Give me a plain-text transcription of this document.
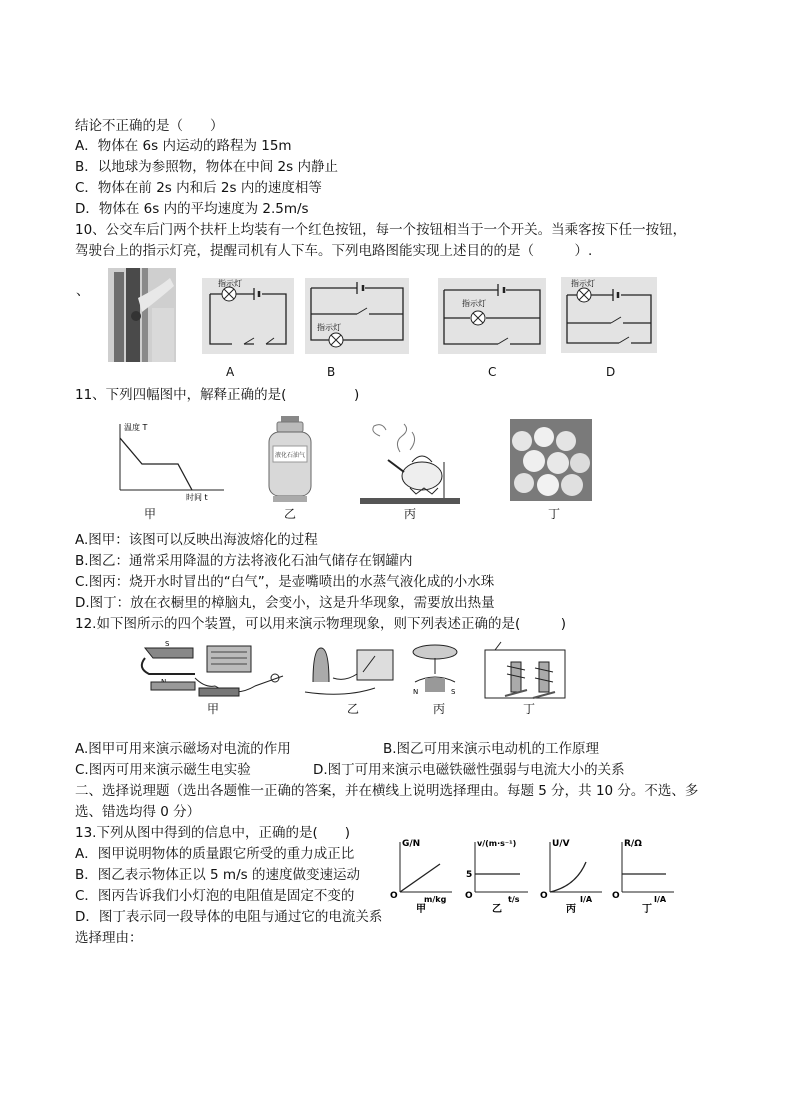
结论不正确的是（　　）
A．物体在 6s 内运动的路程为 15m
B．以地球为参照物，物体在中间 2s 内静止
C．物体在前 2s 内和后 2s 内的速度相等
D．物体在 6s 内的平均速度为 2.5m/s
10、公交车后门两个扶杆上均装有一个红色按钮，每一个按钮相当于一个开关。当乘客按下任一按钮，
驾驶台上的指示灯亮，提醒司机有人下车。下列电路图能实现上述目的的是（　　　）.
、	指示灯
指示灯
指示灯
指示灯
A	B	C	D
11、下列四幅图中，解释正确的是(　　　　　)
温度 T
时间 t
液化石油气
甲	乙	丙	丁
A.图甲：该图可以反映出海波熔化的过程
B.图乙：通常采用降温的方法将液化石油气储存在钢罐内
C.图丙：烧开水时冒出的“白气”，是壶嘴喷出的水蒸气液化成的小水珠
D.图丁：放在衣橱里的樟脑丸，会变小，这是升华现象，需要放出热量
12.如下图所示的四个装置，可以用来演示物理现象，则下列表述正确的是(　　　)
S
N	S
甲	乙	丙	丁
A.图甲可用来演示磁场对电流的作用	B.图乙可用来演示电动机的工作原理
C.图丙可用来演示磁生电实验	D.图丁可用来演示电磁铁磁性强弱与电流大小的关系
二、选择说理题（选出各题惟一正确的答案，并在横线上说明选择理由。每题 5 分，共 10 分。不选、多
选、错选均得 0 分）
13.下列从图中得到的信息中，正确的是(　　)
A．图甲说明物体的质量跟它所受的重力成正比
B．图乙表示物体正以 5 m/s 的速度做变速运动
C．图丙告诉我们小灯泡的电阻值是固定不变的
D．图丁表示同一段导体的电阻与通过它的电流关系
选择理由：
G/N
m/kg
O
甲
v/(m·s⁻¹)
5
t/s
O
乙
U/V
I/A
O
丙
R/Ω
I/A
O
丁
